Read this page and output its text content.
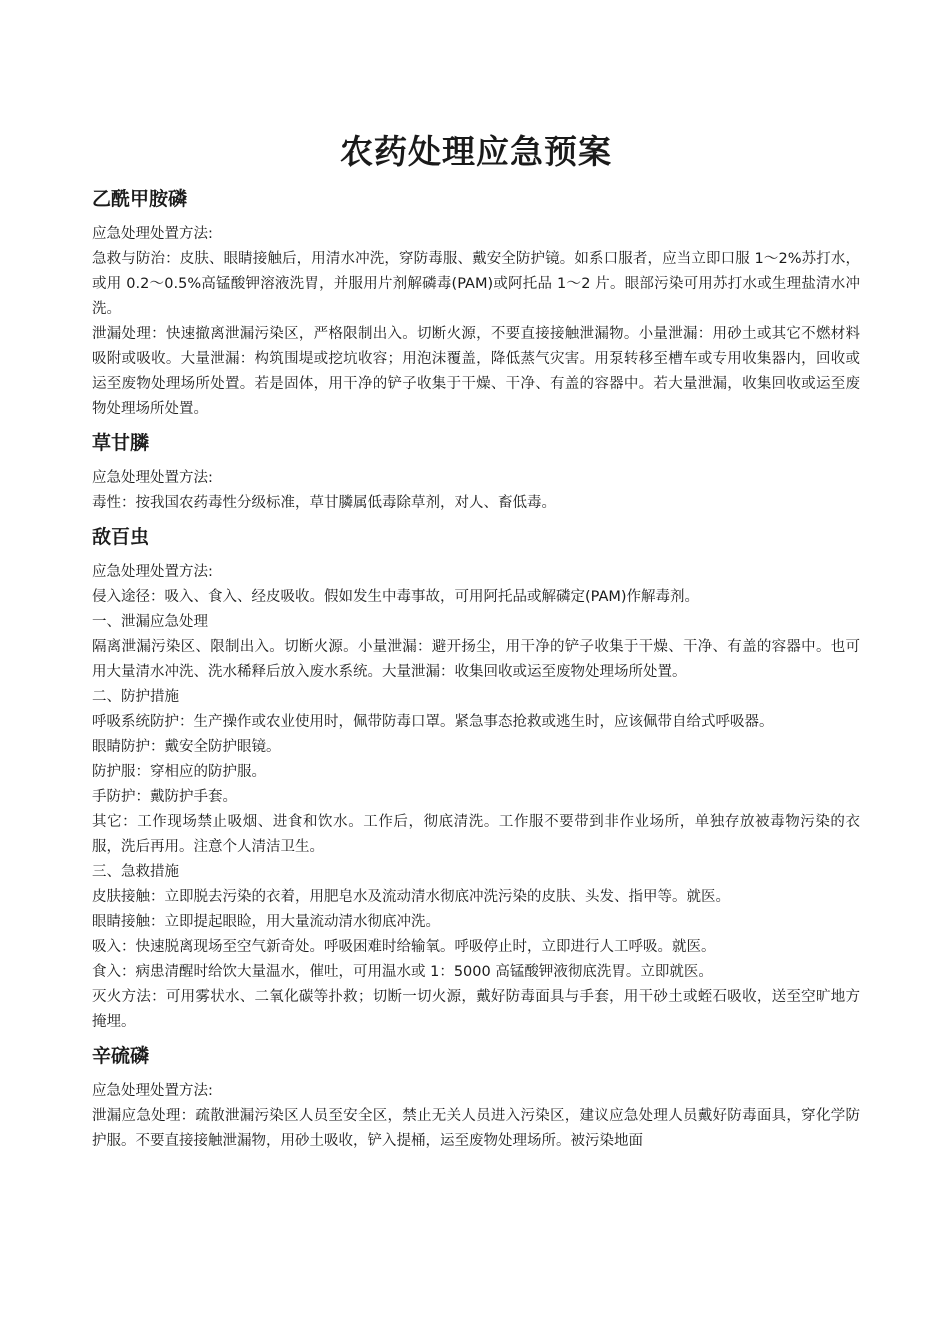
农药处理应急预案
乙酰甲胺磷

应急处理处置方法:

急救与防治：皮肤、眼睛接触后，用清水冲洗，穿防毒服、戴安全防护镜。如系口服者，应当立即口服 1～2%苏打水，或用 0.2～0.5%高锰酸钾溶液洗胃，并服用片剂解磷毒(PAM)或阿托品 1～2 片。眼部污染可用苏打水或生理盐清水冲洗。

泄漏处理：快速撤离泄漏污染区，严格限制出入。切断火源，不要直接接触泄漏物。小量泄漏：用砂土或其它不燃材料吸附或吸收。大量泄漏：构筑围堤或挖坑收容；用泡沫覆盖，降低蒸气灾害。用泵转移至槽车或专用收集器内，回收或运至废物处理场所处置。若是固体，用干净的铲子收集于干燥、干净、有盖的容器中。若大量泄漏，收集回收或运至废物处理场所处置。

草甘膦

应急处理处置方法:

毒性：按我国农药毒性分级标准，草甘膦属低毒除草剂，对人、畜低毒。

敌百虫

应急处理处置方法:

侵入途径：吸入、食入、经皮吸收。假如发生中毒事故，可用阿托品或解磷定(PAM)作解毒剂。

一、泄漏应急处理

隔离泄漏污染区、限制出入。切断火源。小量泄漏：避开扬尘，用干净的铲子收集于干燥、干净、有盖的容器中。也可用大量清水冲洗、洗水稀释后放入废水系统。大量泄漏：收集回收或运至废物处理场所处置。

二、防护措施

呼吸系统防护：生产操作或农业使用时，佩带防毒口罩。紧急事态抢救或逃生时，应该佩带自给式呼吸器。

眼睛防护：戴安全防护眼镜。

防护服：穿相应的防护服。

手防护：戴防护手套。

其它：工作现场禁止吸烟、进食和饮水。工作后，彻底清洗。工作服不要带到非作业场所，单独存放被毒物污染的衣服，洗后再用。注意个人清洁卫生。

三、急救措施

皮肤接触：立即脱去污染的衣着，用肥皂水及流动清水彻底冲洗污染的皮肤、头发、指甲等。就医。

眼睛接触：立即提起眼睑，用大量流动清水彻底冲洗。

吸入：快速脱离现场至空气新奇处。呼吸困难时给输氧。呼吸停止时，立即进行人工呼吸。就医。

食入：病患清醒时给饮大量温水，催吐，可用温水或 1：5000 高锰酸钾液彻底洗胃。立即就医。

灭火方法：可用雾状水、二氧化碳等扑救；切断一切火源，戴好防毒面具与手套，用干砂土或蛭石吸收，送至空旷地方掩埋。

辛硫磷

应急处理处置方法:

泄漏应急处理：疏散泄漏污染区人员至安全区，禁止无关人员进入污染区，建议应急处理人员戴好防毒面具，穿化学防护服。不要直接接触泄漏物，用砂土吸收，铲入提桶，运至废物处理场所。被污染地面
